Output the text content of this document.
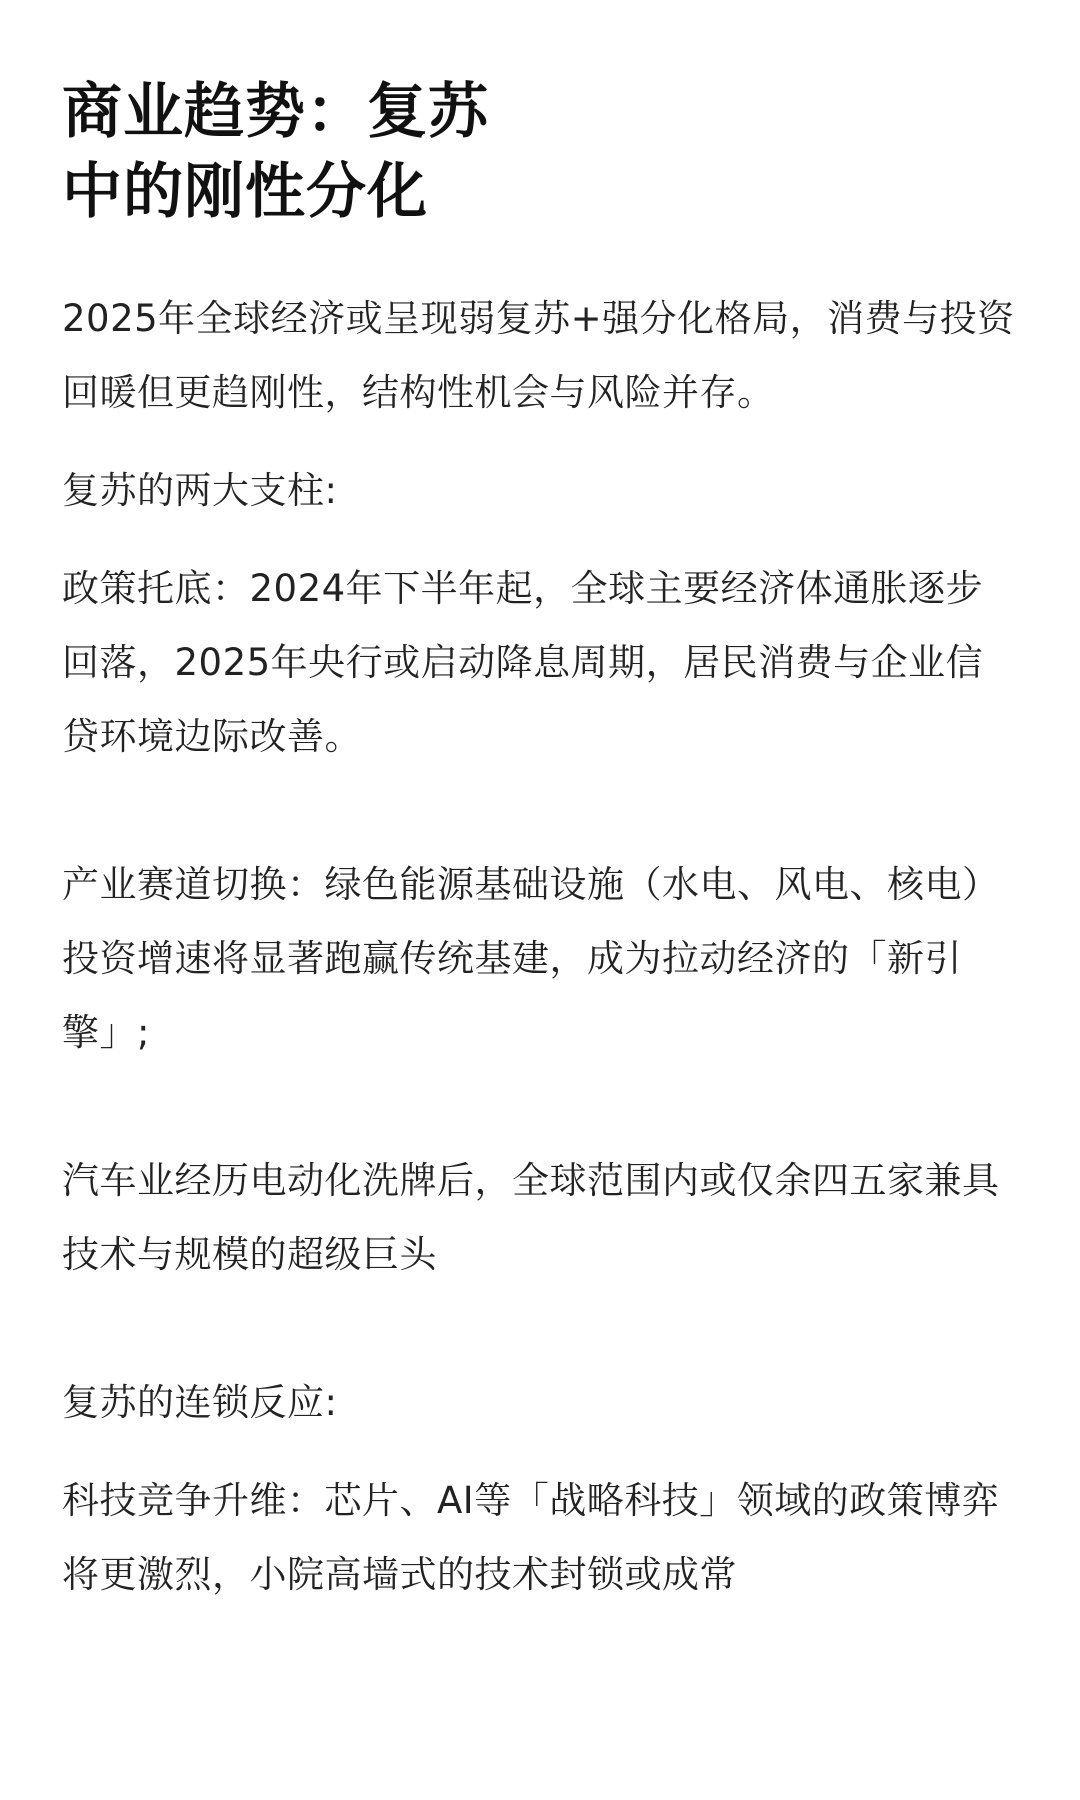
商业趋势：复苏
中的刚性分化

2025年全球经济或呈现弱复苏+强分化格局，消费与投资回暖但更趋刚性，结构性机会与风险并存。

复苏的两大支柱:

政策托底：2024年下半年起，全球主要经济体通胀逐步回落，2025年央行或启动降息周期，居民消费与企业信贷环境边际改善。

产业赛道切换：绿色能源基础设施（水电、风电、核电）投资增速将显著跑赢传统基建，成为拉动经济的「新引擎」;

汽车业经历电动化洗牌后，全球范围内或仅余四五家兼具技术与规模的超级巨头

复苏的连锁反应:

科技竞争升维：芯片、AI等「战略科技」领域的政策博弈将更激烈，小院高墙式的技术封锁或成常
